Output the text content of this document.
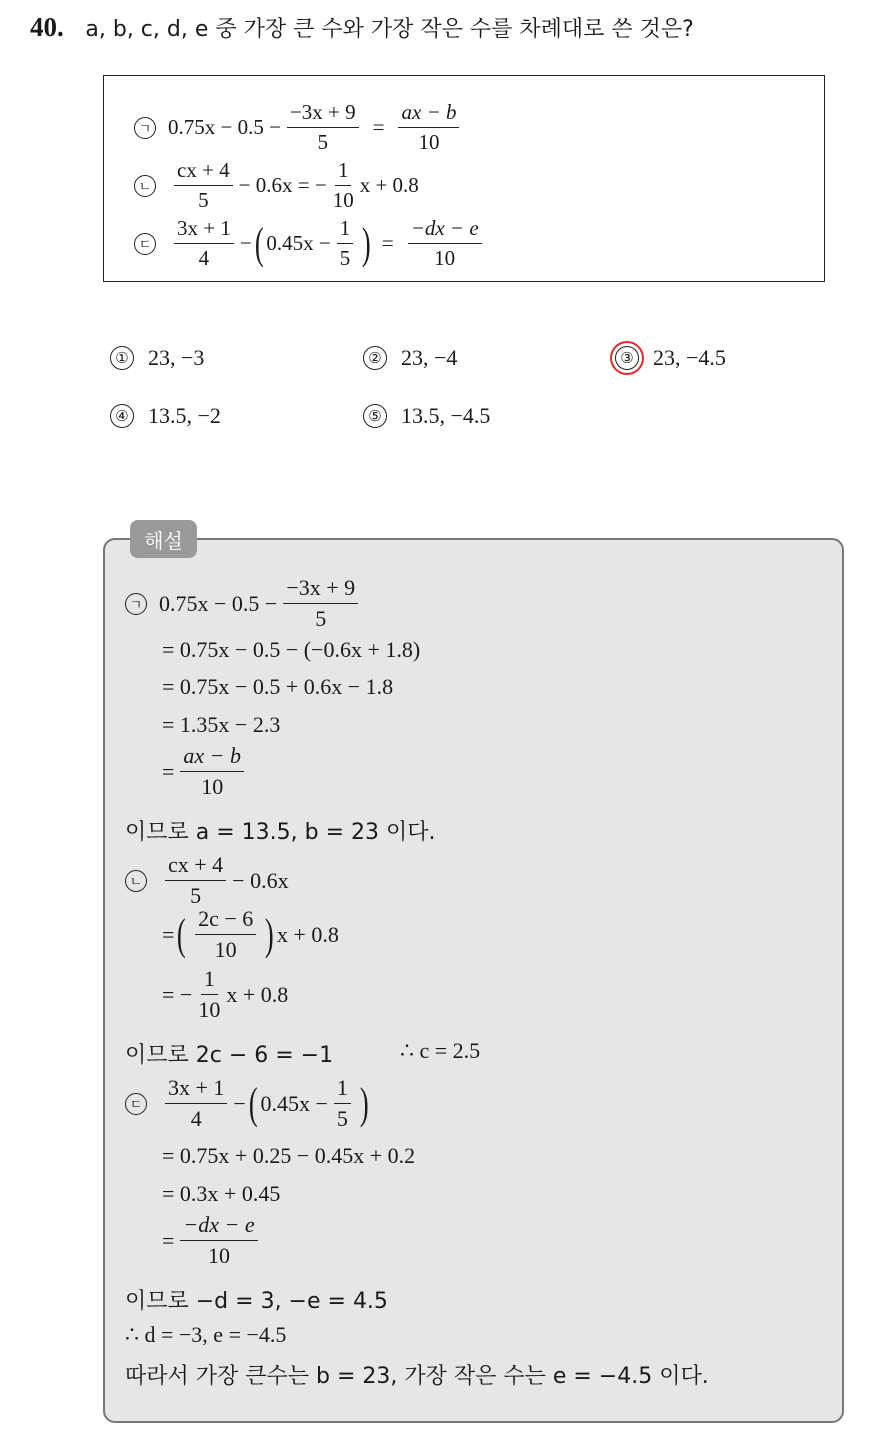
40. a, b, c, d, e 중 가장 큰 수와 가장 작은 수를 차례대로 쓴 것은?
ㄱ $0.75x - 0.5 - \frac{-3x + 9}{5} = \frac{ax - b}{10}$
ㄴ $\frac{cx + 4}{5} - 0.6x$ = − $\frac{1}{10}$ x + 0.8
ㄷ $\frac{3x + 1}{4}$ − ( $0.45x - \frac{1}{5}$ ) = $\frac{-dx - e}{10}$
① 23, −3	② 23, −4	③ 23, −4.5
④ 13.5, −2	⑤ 13.5, −4.5
해설
ㄱ $0.75x - 0.5 - \frac{-3x + 9}{5}$
= 0.75x − 0.5 − (−0.6x + 1.8)
= 0.75x − 0.5 + 0.6x − 1.8
= 1.35x − 2.3
= $\frac{ax - b}{10}$
이므로 a = 13.5, b = 23 이다.
ㄴ $\frac{cx + 4}{5} - 0.6x$
= ( $\frac{2c - 6}{10}$ ) x + 0.8
= − $\frac{1}{10}$ x + 0.8
이므로 2c − 6 = −1	∴ c = 2.5
ㄷ $\frac{3x + 1}{4}$ − ( $0.45x - \frac{1}{5}$ )
= 0.75x + 0.25 − 0.45x + 0.2
= 0.3x + 0.45
= $\frac{-dx - e}{10}$
이므로 −d = 3, −e = 4.5
∴ d = −3, e = −4.5
따라서 가장 큰수는 b = 23, 가장 작은 수는 e = −4.5 이다.
